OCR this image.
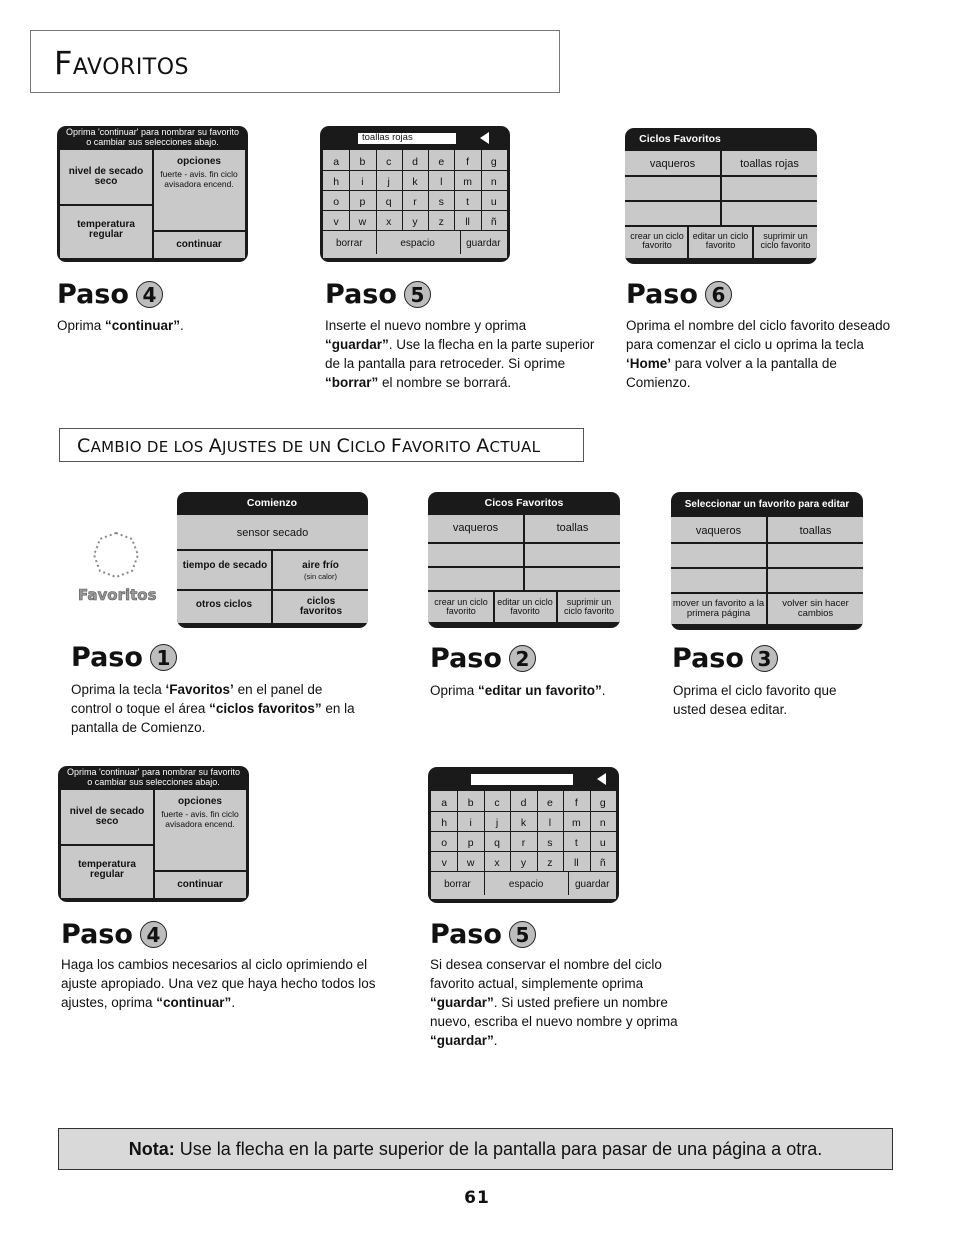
FAVORITOS
Oprima 'continuar' para nombrar su favorito o cambiar sus selecciones abajo.
nivel de secado seco
temperatura regular
opciones
fuerte - avis. fin ciclo avisadora encend.
continuar
toallas rojas
a	b	c	d	e	f	g
h	i	j	k	l	m	n
o	p	q	r	s	t	u
v	w	x	y	z	ll	ñ
borrar	espacio	guardar
Ciclos Favoritos
vaqueros	toallas rojas
crear un ciclo favorito
editar un ciclo favorito
suprimir un ciclo favorito
Paso 4
Oprima “continuar”.
Paso 5
Inserte el nuevo nombre y oprima “guardar”. Use la flecha en la parte superior de la pantalla para retroceder. Si oprime “borrar” el nombre se borrará.
Paso 6
Oprima el nombre del ciclo favorito deseado para comenzar el ciclo u oprima la tecla ‘Home’ para volver a la pantalla de Comienzo.
CAMBIO DE LOS AJUSTES DE UN CICLO FAVORITO ACTUAL
Favoritos
Comienzo
sensor secado
tiempo de secado	aire frío
(sin calor)
otros ciclos	ciclos favoritos
Cicos Favoritos
vaqueros	toallas
crear un ciclo favorito
editar un ciclo favorito
suprimir un ciclo favorito
Seleccionar un favorito para editar
vaqueros	toallas
mover un favorito a la primera página
volver sin hacer cambios
Paso 1
Oprima la tecla ‘Favoritos’ en el panel de control o toque el área “ciclos favoritos” en la pantalla de Comienzo.
Paso 2
Oprima “editar un favorito”.
Paso 3
Oprima el ciclo favorito que usted desea editar.
Oprima 'continuar' para nombrar su favorito o cambiar sus selecciones abajo.
nivel de secado seco
temperatura regular
opciones
fuerte - avis. fin ciclo avisadora encend.
continuar
a	b	c	d	e	f	g
h	i	j	k	l	m	n
o	p	q	r	s	t	u
v	w	x	y	z	ll	ñ
borrar	espacio	guardar
Paso 4
Haga los cambios necesarios al ciclo oprimiendo el ajuste apropiado. Una vez que haya hecho todos los ajustes, oprima “continuar”.
Paso 5
Si desea conservar el nombre del ciclo favorito actual, simplemente oprima “guardar”. Si usted prefiere un nombre nuevo, escriba el nuevo nombre y oprima “guardar”.
Nota: Use la flecha en la parte superior de la pantalla para pasar de una página a otra.
61
